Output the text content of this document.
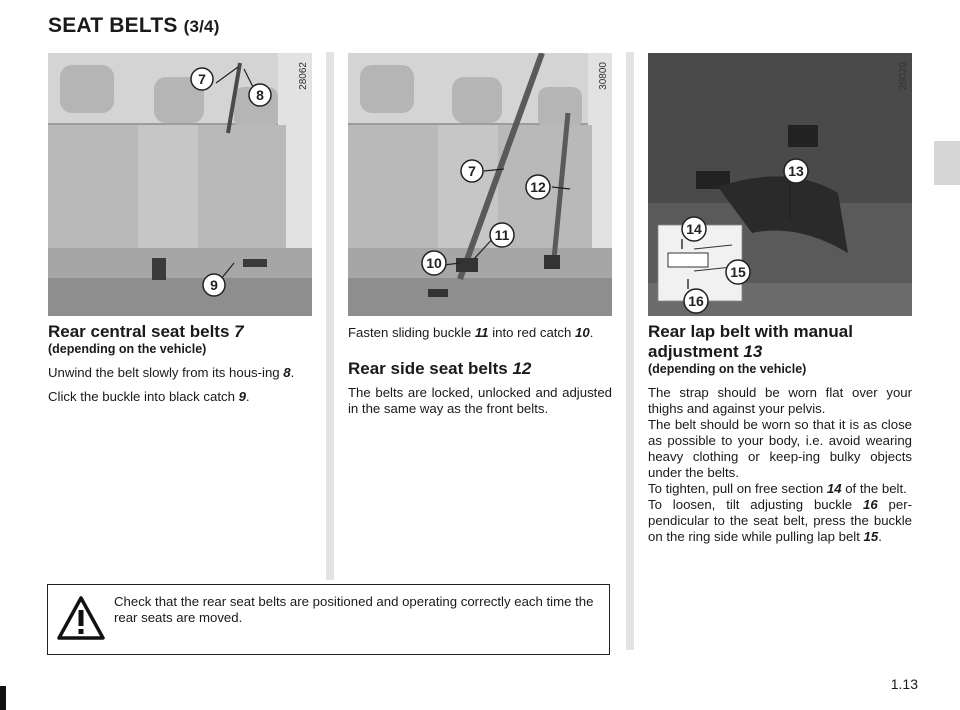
SEAT BELTS (3/4)
7
8
9
28062
7
12
11
10
30800
13
14
15
16
28020
Rear central seat belts 7
(depending on the vehicle)

Unwind the belt slowly from its hous-ing 8.

Click the buckle into black catch 9.

Fasten sliding buckle 11 into red catch 10.

Rear side seat belts 12

The belts are locked, unlocked and adjusted in the same way as the front belts.

Rear lap belt with manual
adjustment 13
(depending on the vehicle)
The strap should be worn flat over your thighs and against your pelvis.
The belt should be worn so that it is as close as possible to your body, i.e. avoid wearing heavy clothing or keep-ing bulky objects under the belts.
To tighten, pull on free section 14 of the belt.
To loosen, tilt adjusting buckle 16 per-pendicular to the seat belt, press the buckle on the ring side while pulling lap belt 15.
Check that the rear seat belts are positioned and operating correctly each time the rear seats are moved.
1.13
